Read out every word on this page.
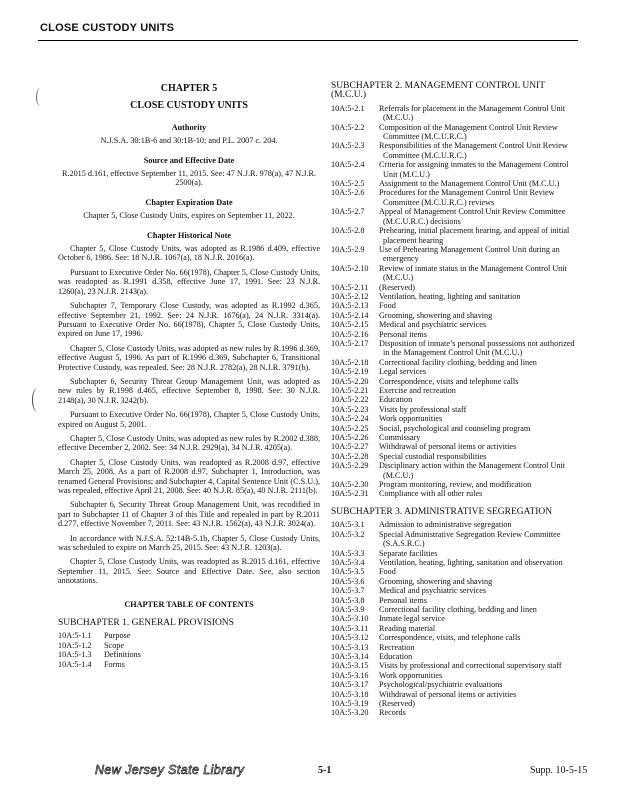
CLOSE CUSTODY UNITS
CHAPTER 5
CLOSE CUSTODY UNITS
Authority
N.J.S.A. 30:1B-6 and 30:1B-10; and P.L. 2007 c. 204.
Source and Effective Date
R.2015 d.161, effective September 11, 2015. See: 47 N.J.R. 978(a), 47 N.J.R. 2500(a).
Chapter Expiration Date
Chapter 5, Close Custody Units, expires on September 11, 2022.
Chapter Historical Note

Chapter 5, Close Custody Units, was adopted as R.1986 d.409, effective October 6, 1986. See: 18 N.J.R. 1067(a), 18 N.J.R. 2016(a).

Pursuant to Executive Order No. 66(1978), Chapter 5, Close Custody Units, was readopted as R.1991 d.358, effective June 17, 1991. See: 23 N.J.R. 1260(a), 23 N.J.R. 2143(a).

Subchapter 7, Temporary Close Custody, was adopted as R.1992 d.365, effective September 21, 1992. See: 24 N.J.R. 1676(a), 24 N.J.R. 3314(a). Pursuant to Executive Order No. 66(1978), Chapter 5, Close Custody Units, expired on June 17, 1996.

Chapter 5, Close Custody Units, was adopted as new rules by R.1996 d.369, effective August 5, 1996. As part of R.1996 d.369, Subchapter 6, Transitional Protective Custody, was repealed. See: 28 N.J.R. 2782(a), 28 N.J.R. 3791(b).

Subchapter 6, Security Threat Group Management Unit, was adopted as new rules by R.1998 d.465, effective September 8, 1998. See: 30 N.J.R. 2148(a), 30 N.J.R. 3242(b).

Pursuant to Executive Order No. 66(1978), Chapter 5, Close Custody Units, expired on August 5, 2001.

Chapter 5, Close Custody Units, was adopted as new rules by R.2002 d.388, effective December 2, 2002. See: 34 N.J.R. 2929(a), 34 N.J.R. 4205(a).

Chapter 5, Close Custody Units, was readopted as R.2008 d.97, effective March 25, 2008. As a part of R.2008 d.97, Subchapter 1, Introduction, was renamed General Provisions; and Subchapter 4, Capital Sentence Unit (C.S.U.), was repealed, effective April 21, 2008. See: 40 N.J.R. 85(a), 40 N.J.R. 2111(b).

Subchapter 6, Security Threat Group Management Unit, was recodified in part to Subchapter 11 of Chapter 3 of this Title and repealed in part by R.2011 d.277, effective November 7, 2011. See: 43 N.J.R. 1562(a), 43 N.J.R. 3024(a).

In accordance with N.J.S.A. 52:14B-5.1b, Chapter 5, Close Custody Units, was scheduled to expire on March 25, 2015. See: 43 N.J.R. 1203(a).

Chapter 5, Close Custody Units, was readopted as R.2015 d.161, effective September 11, 2015. See: Source and Effective Date. See, also section annotations.

CHAPTER TABLE OF CONTENTS
SUBCHAPTER 1. GENERAL PROVISIONS
10A:5-1.1	Purpose
10A:5-1.2	Scope
10A:5-1.3	Definitions
10A:5-1.4	Forms
SUBCHAPTER 2. MANAGEMENT CONTROL UNIT (M.C.U.)
10A:5-2.1	Referrals for placement in the Management Control Unit (M.C.U.)
10A:5-2.2	Composition of the Management Control Unit Review Committee (M.C.U.R.C.)
10A:5-2.3	Responsibilities of the Management Control Unit Review Committee (M.C.U.R.C.)
10A:5-2.4	Criteria for assigning inmates to the Management Control Unit (M.C.U.)
10A:5-2.5	Assignment to the Management Control Unit (M.C.U.)
10A:5-2.6	Procedures for the Management Control Unit Review Committee (M.C.U.R.C.) reviews
10A:5-2.7	Appeal of Management Control Unit Review Committee (M.C.U.R.C.) decisions
10A:5-2.8	Prehearing, initial placement hearing, and appeal of initial placement hearing
10A:5-2.9	Use of Prehearing Management Control Unit during an emergency
10A:5-2.10	Review of inmate status in the Management Control Unit (M.C.U.)
10A:5-2.11	(Reserved)
10A:5-2.12	Ventilation, heating, lighting and sanitation
10A:5-2.13	Food
10A:5-2.14	Grooming, showering and shaving
10A:5-2.15	Medical and psychiatric services
10A:5-2.16	Personal items
10A:5-2.17	Disposition of inmate’s personal possessions not authorized in the Management Control Unit (M.C.U.)
10A:5-2.18	Correctional facility clothing, bedding and linen
10A:5-2.19	Legal services
10A:5-2.20	Correspondence, visits and telephone calls
10A:5-2.21	Exercise and recreation
10A:5-2.22	Education
10A:5-2.23	Visits by professional staff
10A:5-2.24	Work opportunities
10A:5-2.25	Social, psychological and counseling program
10A:5-2.26	Commissary
10A:5-2.27	Withdrawal of personal items or activities
10A:5-2.28	Special custodial responsibilities
10A:5-2.29	Disciplinary action within the Management Control Unit (M.C.U.)
10A:5-2.30	Program monitoring, review, and modification
10A:5-2.31	Compliance with all other rules
SUBCHAPTER 3. ADMINISTRATIVE SEGREGATION
10A:5-3.1	Admission to administrative segregation
10A:5-3.2	Special Administrative Segregation Review Committee (S.A.S.R.C.)
10A:5-3.3	Separate facilities
10A:5-3.4	Ventilation, heating, lighting, sanitation and observation
10A:5-3.5	Food
10A:5-3.6	Grooming, showering and shaving
10A:5-3.7	Medical and psychiatric services
10A:5-3.8	Personal items
10A:5-3.9	Correctional facility clothing, bedding and linen
10A:5-3.10	Inmate legal service
10A:5-3.11	Reading material
10A:5-3.12	Correspondence, visits, and telephone calls
10A:5-3.13	Recreation
10A:5-3.14	Education
10A:5-3.15	Visits by professional and correctional supervisory staff
10A:5-3.16	Work opportunities
10A:5-3.17	Psychological/psychiatric evaluations
10A:5-3.18	Withdrawal of personal items or activities
10A:5-3.19	(Reserved)
10A:5-3.20	Records
New Jersey State Library	5-1	Supp. 10-5-15
